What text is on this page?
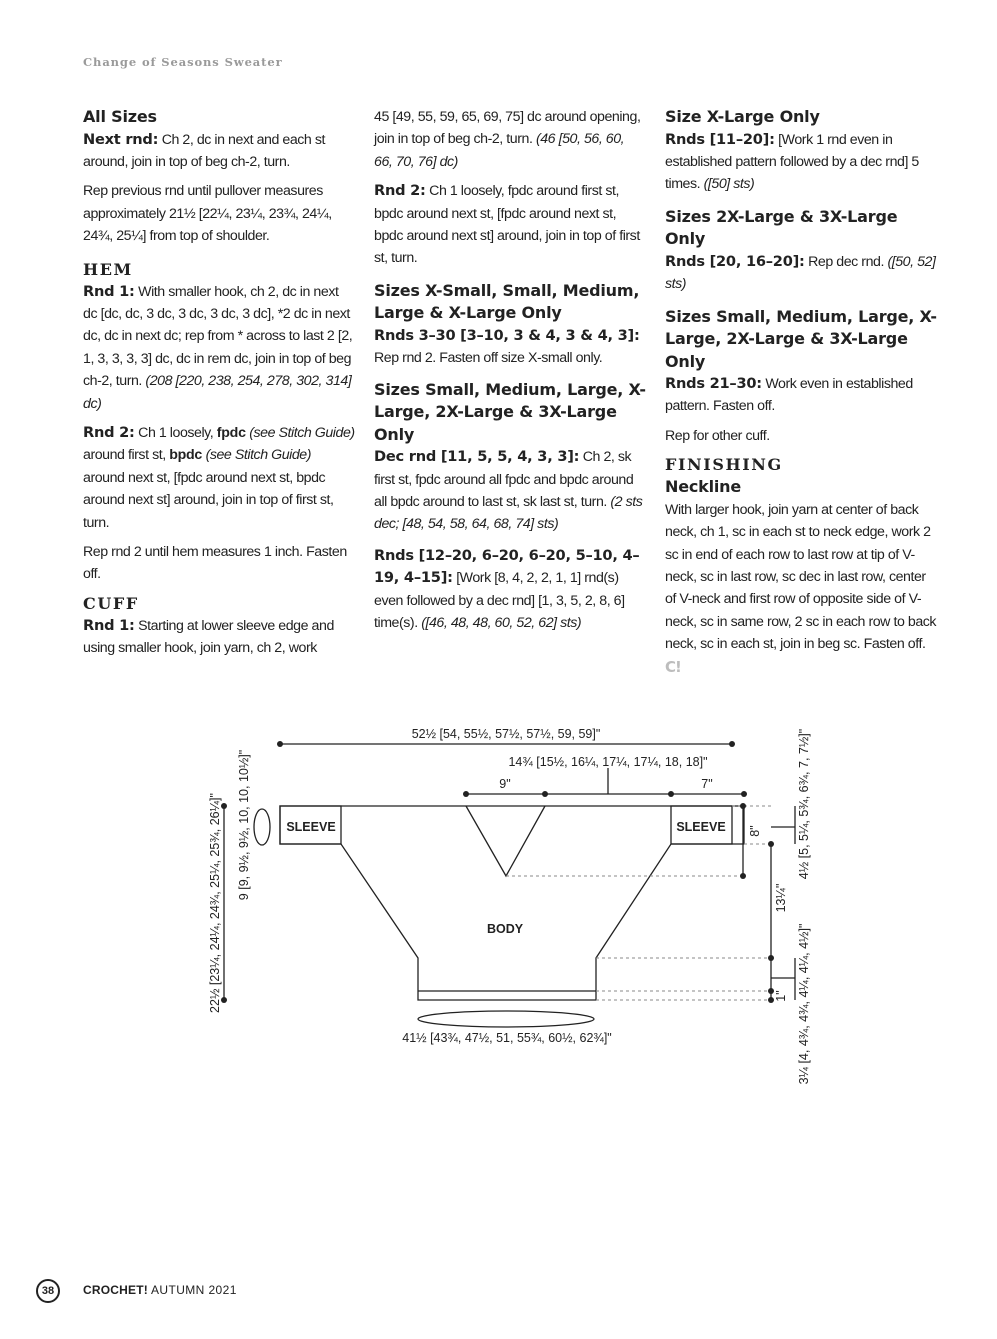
Change of Seasons Sweater

All Sizes

Next rnd: Ch 2, dc in next and each st around, join in top of beg ch-2, turn.

Rep previous rnd until pullover measures approximately 21½ [22¼, 23¼, 23¾, 24¼, 24¾, 25¼] from top of shoulder.

HEM

Rnd 1: With smaller hook, ch 2, dc in next dc [dc, dc, 3 dc, 3 dc, 3 dc, 3 dc], *2 dc in next dc, dc in next dc; rep from * across to last 2 [2, 1, 3, 3, 3, 3] dc, dc in rem dc, join in top of beg ch-2, turn. (208 [220, 238, 254, 278, 302, 314] dc)

Rnd 2: Ch 1 loosely, fpdc (see Stitch Guide) around first st, bpdc (see Stitch Guide) around next st, [fpdc around next st, bpdc around next st] around, join in top of first st, turn.

Rep rnd 2 until hem measures 1 inch. Fasten off.

CUFF

Rnd 1: Starting at lower sleeve edge and using smaller hook, join yarn, ch 2, work

45 [49, 55, 59, 65, 69, 75] dc around opening, join in top of beg ch-2, turn. (46 [50, 56, 60, 66, 70, 76] dc)

Rnd 2: Ch 1 loosely, fpdc around first st, bpdc around next st, [fpdc around next st, bpdc around next st] around, join in top of first st, turn.

Sizes X-Small, Small, Medium, Large & X-Large Only

Rnds 3–30 [3–10, 3 & 4, 3 & 4, 3]:
Rep rnd 2. Fasten off size X-small only.

Sizes Small, Medium, Large, X-Large, 2X-Large & 3X-Large Only

Dec rnd [11, 5, 5, 4, 3, 3]: Ch 2, sk first st, fpdc around all fpdc and bpdc around all bpdc around to last st, sk last st, turn. (2 sts dec; [48, 54, 58, 64, 68, 74] sts)

Rnds [12–20, 6–20, 6–20, 5–10, 4–19, 4–15]: [Work [8, 4, 2, 2, 1, 1] rnd(s) even followed by a dec rnd] [1, 3, 5, 2, 8, 6] time(s). ([46, 48, 48, 60, 52, 62] sts)

Size X-Large Only

Rnds [11–20]: [Work 1 rnd even in established pattern followed by a dec rnd] 5 times. ([50] sts)

Sizes 2X-Large & 3X-Large Only

Rnds [20, 16–20]: Rep dec rnd. ([50, 52] sts)

Sizes Small, Medium, Large, X-Large, 2X-Large & 3X-Large Only

Rnds 21–30: Work even in established pattern. Fasten off.

Rep for other cuff.

FINISHING

Neckline

With larger hook, join yarn at center of back neck, ch 1, sc in each st to neck edge, work 2 sc in end of each row to last row at tip of V-neck, sc in last row, sc dec in last row, center of V-neck and first row of opposite side of V-neck, sc in same row, 2 sc in each row to back neck, sc in each st, join in beg sc. Fasten off. C!

52½ [54, 55½, 57½, 57½, 59, 59]"
14¾ [15½, 16¼, 17¼, 17¼, 18, 18]"
9"	7"
SLEEVE	SLEEVE
BODY
41½ [43¾, 47½, 51, 55¾, 60½, 62¾]"
22½ [23¼, 24¼, 24¾, 25¼, 25¾, 26¼]" 9 [9, 9½, 9½, 10, 10, 10½]"	8"
13¼"
1"
4½ [5, 5¼, 5¾, 6¾, 7, 7½]"
3¼ [4, 4¾, 4¾, 4¼, 4¼, 4½]"
38	CROCHET! AUTUMN 2021
